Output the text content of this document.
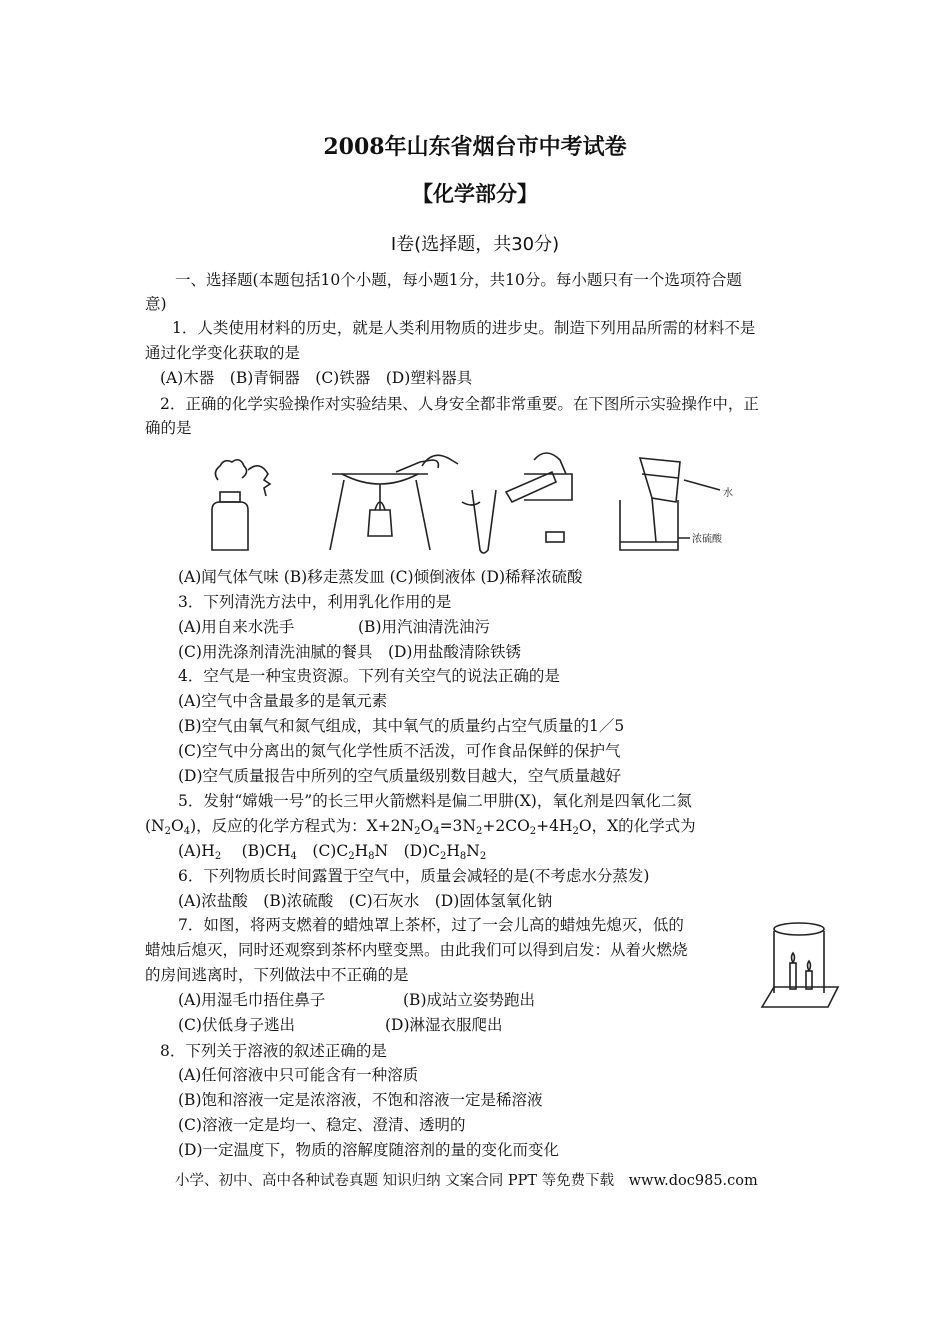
2008年山东省烟台市中考试卷
【化学部分】
Ⅰ卷(选择题，共30分)
一、选择题(本题包括10个小题，每小题1分，共10分。每小题只有一个选项符合题
意)
1．人类使用材料的历史，就是人类利用物质的进步史。制造下列用品所需的材料不是
通过化学变化获取的是
(A)木器　(B)青铜器　(C)铁器　(D)塑料器具
2．正确的化学实验操作对实验结果、人身安全都非常重要。在下图所示实验操作中，正
确的是
水
浓硫酸
(A)闻气体气味 (B)移走蒸发皿 (C)倾倒液体 (D)稀释浓硫酸
3．下列清洗方法中，利用乳化作用的是
(A)用自来水洗手	(B)用汽油清洗油污
(C)用洗涤剂清洗油腻的餐具　(D)用盐酸清除铁锈
4．空气是一种宝贵资源。下列有关空气的说法正确的是
(A)空气中含量最多的是氧元素
(B)空气由氧气和氮气组成，其中氧气的质量约占空气质量的1／5
(C)空气中分离出的氮气化学性质不活泼，可作食品保鲜的保护气
(D)空气质量报告中所列的空气质量级别数目越大，空气质量越好
5．发射“嫦娥一号”的长三甲火箭燃料是偏二甲肼(X)，氧化剂是四氧化二氮
$(N_2O_4)$，反应的化学方程式为：$X+2N_2O_4=3N_2+2CO_2+4H_2O$，X的化学式为
$(A)H_2$　 $(B)CH_4$　 $(C)C_2H_8N$　 $(D)C_2H_8N_2$
6．下列物质长时间露置于空气中，质量会减轻的是(不考虑水分蒸发)
(A)浓盐酸　(B)浓硫酸　(C)石灰水　(D)固体氢氧化钠
7．如图，将两支燃着的蜡烛罩上茶杯，过了一会儿高的蜡烛先熄灭，低的
蜡烛后熄灭，同时还观察到茶杯内壁变黑。由此我们可以得到启发：从着火燃烧
的房间逃离时，下列做法中不正确的是
(A)用湿毛巾捂住鼻子	(B)成站立姿势跑出
(C)伏低身子逃出	(D)淋湿衣服爬出
8．下列关于溶液的叙述正确的是
(A)任何溶液中只可能含有一种溶质
(B)饱和溶液一定是浓溶液，不饱和溶液一定是稀溶液
(C)溶液一定是均一、稳定、澄清、透明的
(D)一定温度下，物质的溶解度随溶剂的量的变化而变化
小学、初中、高中各种试卷真题 知识归纳 文案合同 PPT 等免费下载　www.doc985.com
